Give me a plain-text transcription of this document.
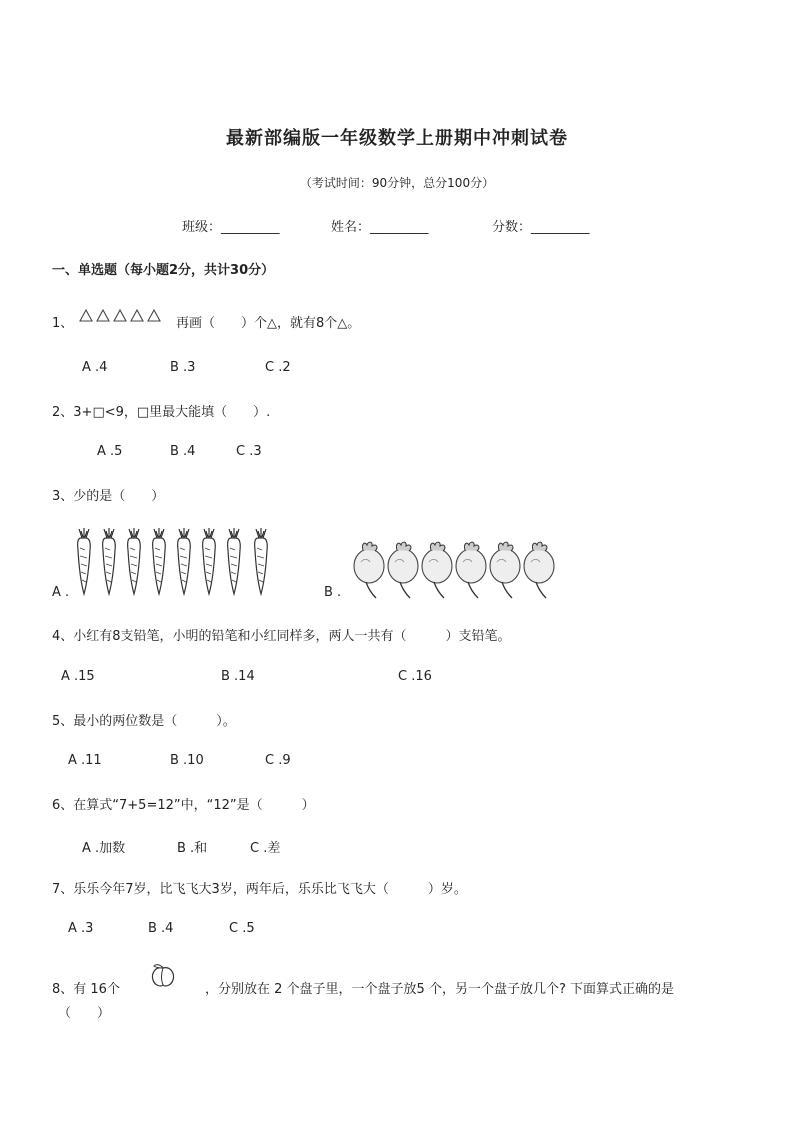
最新部编版一年级数学上册期中冲刺试卷
（考试时间：90分钟，总分100分）
班级：_________	姓名：_________	分数：_________
一、单选题（每小题2分，共计30分）
1、	再画（　　）个△，就有8个△。
A .4	B .3	C .2
2、3+□<9，□里最大能填（　　）.
A .5	B .4	C .3
3、少的是（　　）
A .	B .
4、小红有8支铅笔，小明的铅笔和小红同样多，两人一共有（　　　）支铅笔。
A .15	B .14	C .16
5、最小的两位数是（　　　）。
A .11	B .10	C .9
6、在算式“7+5=12”中，“12”是（　　　）
A .加数	B .和	C .差
7、乐乐今年7岁，比飞飞大3岁，两年后，乐乐比飞飞大（　　　）岁。
A .3	B .4	C .5
8、有 16个	，分别放在 2 个盘子里，一个盘子放5 个，另一个盘子放几个? 下面算式正确的是
（　　）
